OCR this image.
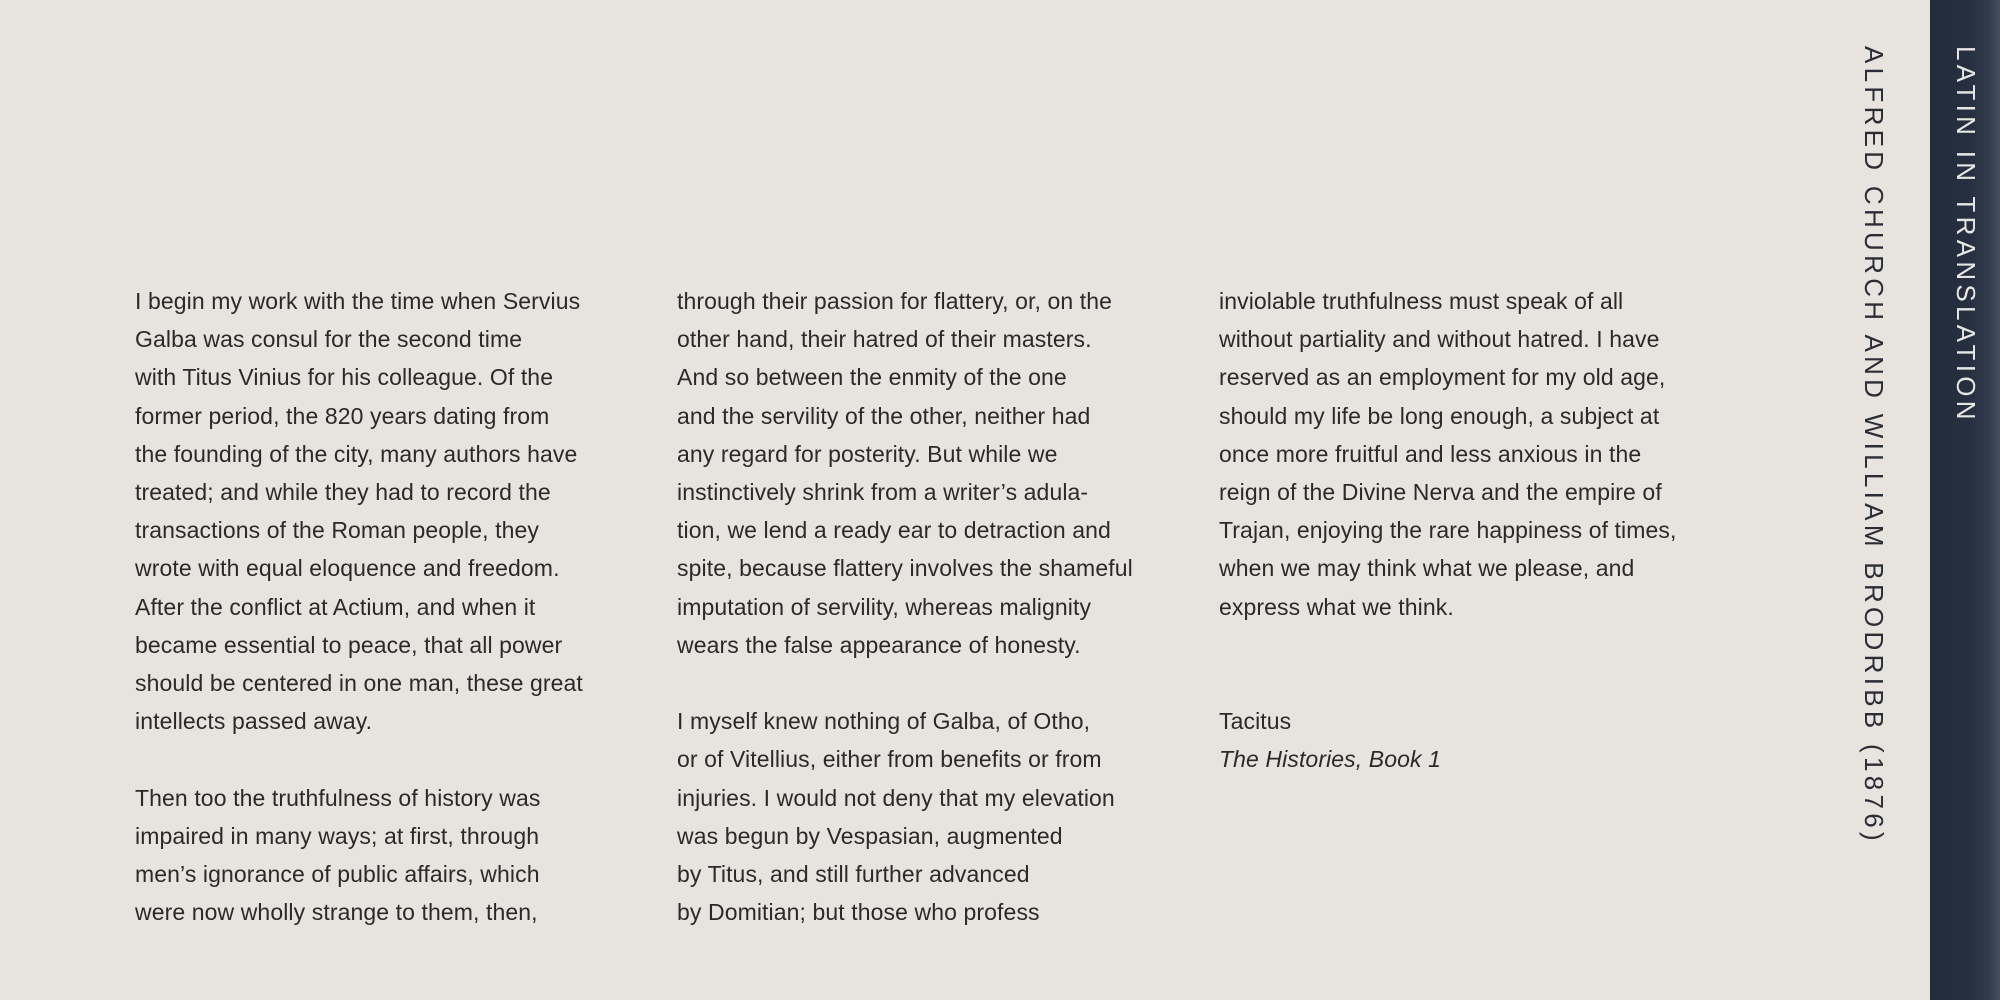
I begin my work with the time when Servius
Galba was consul for the second time
with Titus Vinius for his colleague. Of the
former period, the 820 years dating from
the founding of the city, many authors have
treated; and while they had to record the
transactions of the Roman people, they
wrote with equal eloquence and freedom.
After the conflict at Actium, and when it
became essential to peace, that all power
should be centered in one man, these great
intellects passed away.
Then too the truthfulness of history was
impaired in many ways; at first, through
men’s ignorance of public affairs, which
were now wholly strange to them, then,
through their passion for flattery, or, on the
other hand, their hatred of their masters.
And so between the enmity of the one
and the servility of the other, neither had
any regard for posterity. But while we
instinctively shrink from a writer’s adula-
tion, we lend a ready ear to detraction and
spite, because flattery involves the shameful
imputation of servility, whereas malignity
wears the false appearance of honesty.
I myself knew nothing of Galba, of Otho,
or of Vitellius, either from benefits or from
injuries. I would not deny that my elevation
was begun by Vespasian, augmented
by Titus, and still further advanced
by Domitian; but those who profess
inviolable truthfulness must speak of all
without partiality and without hatred. I have
reserved as an employment for my old age,
should my life be long enough, a subject at
once more fruitful and less anxious in the
reign of the Divine Nerva and the empire of
Trajan, enjoying the rare happiness of times,
when we may think what we please, and
express what we think.
Tacitus
The Histories, Book 1	ALFRED CHURCH AND WILLIAM BRODRIBB (1876) LATIN IN TRANSLATION
